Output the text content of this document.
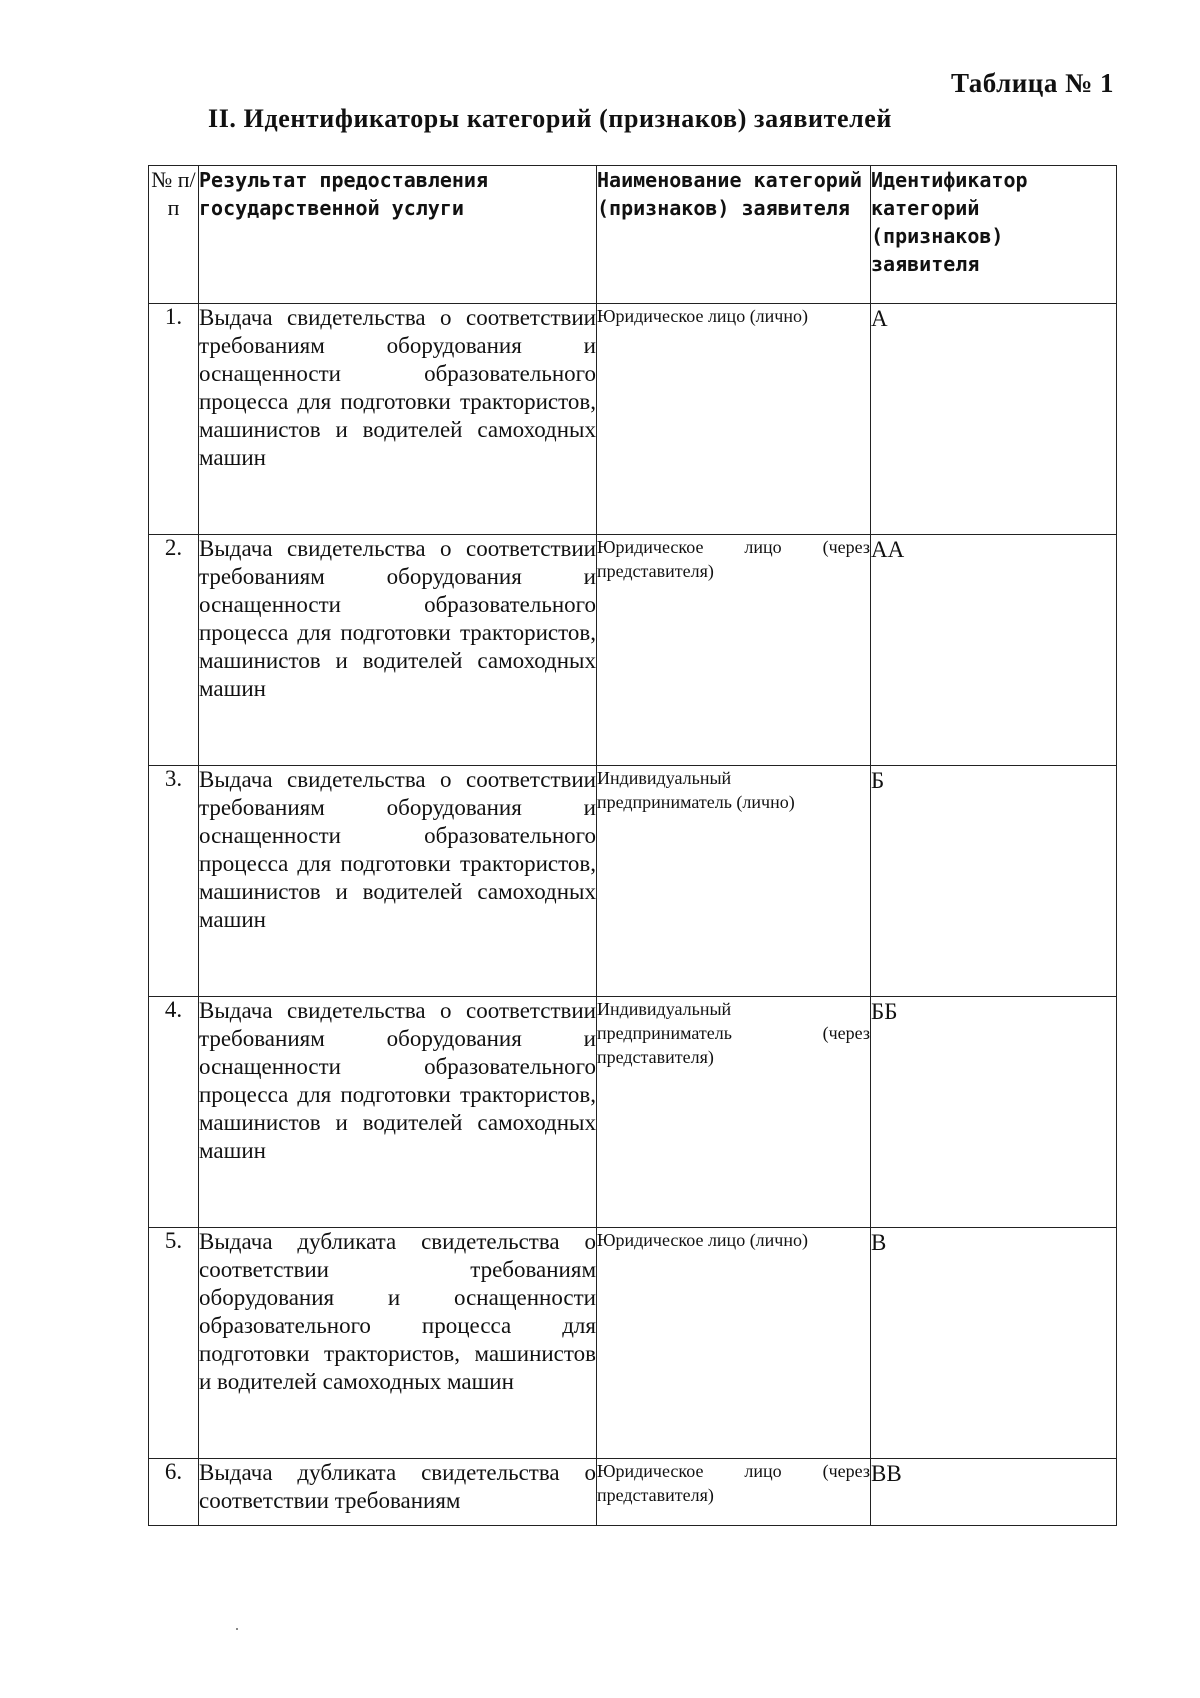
Таблица № 1
II. Идентификаторы категорий (признаков) заявителей
№ п/п	Результат предоставления государственной услуги	Наименование категорий (признаков) заявителя	Идентификатор категорий (признаков) заявителя
1.	Выдача свидетельства о соответствии требованиям оборудования и оснащенности образовательного процесса для подготовки трактористов, машинистов и водителей самоходных машин	Юридическое лицо (лично)	А
2.	Выдача свидетельства о соответствии требованиям оборудования и оснащенности образовательного процесса для подготовки трактористов, машинистов и водителей самоходных машин	Юридическое лицо (через представителя)	АА
3.	Выдача свидетельства о соответствии требованиям оборудования и оснащенности образовательного процесса для подготовки трактористов, машинистов и водителей самоходных машин	Индивидуальный предприниматель (лично)	Б
4.	Выдача свидетельства о соответствии требованиям оборудования и оснащенности образовательного процесса для подготовки трактористов, машинистов и водителей самоходных машин	Индивидуальный предприниматель (через представителя)	ББ
5.	Выдача дубликата свидетельства о соответствии требованиям оборудования и оснащенности образовательного процесса для подготовки трактористов, машинистов и водителей самоходных машин	Юридическое лицо (лично)	В
6.	Выдача дубликата свидетельства о соответствии требованиям	Юридическое лицо (через представителя)	ВВ
